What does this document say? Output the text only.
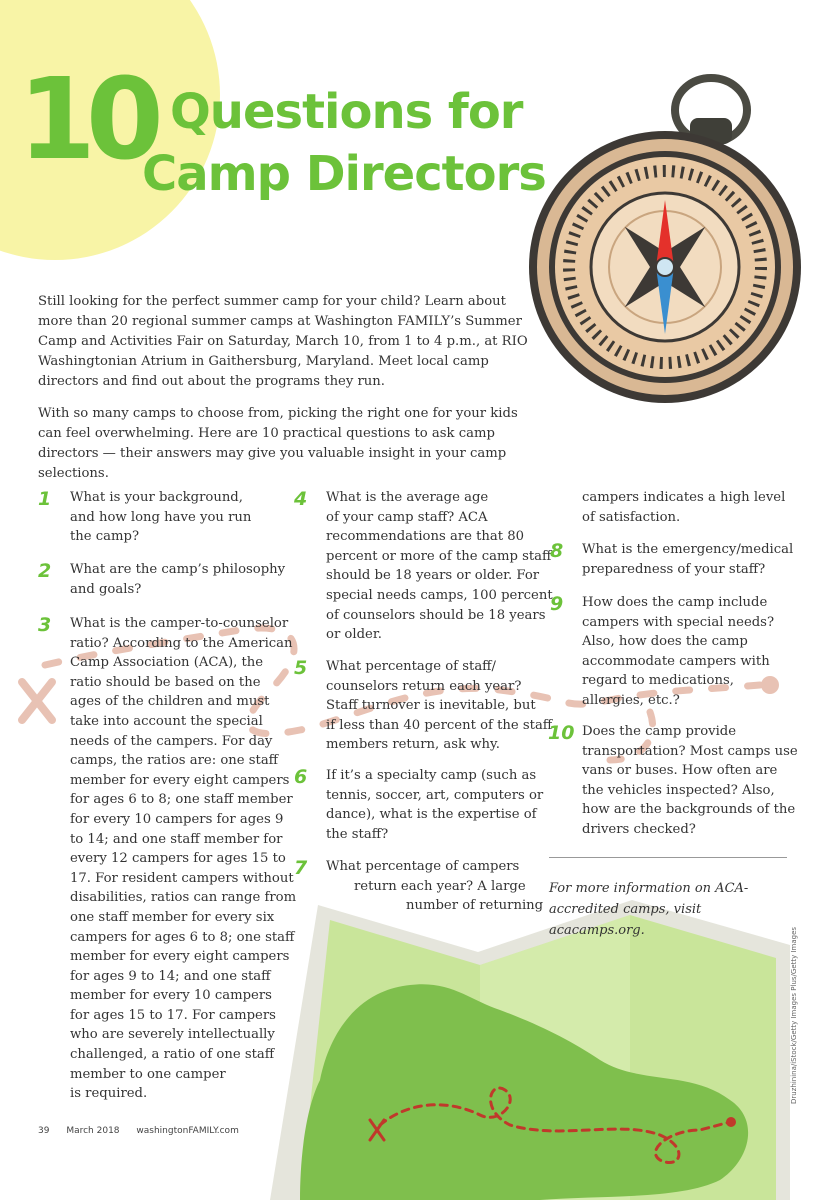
10 Questions for
Camp Directors

Still looking for the perfect summer camp for your child? Learn about more than 20 regional summer camps at Washington FAMILY’s Summer Camp and Activities Fair on Saturday, March 10, from 1 to 4 p.m., at RIO Washingtonian Atrium in Gaithersburg, Maryland. Meet local camp directors and find out about the programs they run.

With so many camps to choose from, picking the right one for your kids can feel overwhelming. Here are 10 practical questions to ask camp directors — their answers may give you valuable insight in your camp selections.

1 What is your background,
and how long have you run
the camp?
2 What are the camp’s philosophy
and goals?
3 What is the camper-to-counselor
ratio? According to the American
Camp Association (ACA), the
ratio should be based on the
ages of the children and must
take into account the special
needs of the campers. For day
camps, the ratios are: one staff
member for every eight campers
for ages 6 to 8; one staff member
for every 10 campers for ages 9
to 14; and one staff member for
every 12 campers for ages 15 to
17. For resident campers without
disabilities, ratios can range from
one staff member for every six
campers for ages 6 to 8; one staff
member for every eight campers
for ages 9 to 14; and one staff
member for every 10 campers
for ages 15 to 17. For campers
who are severely intellectually
challenged, a ratio of one staff
member to one camper
is required.
4 What is the average age
of your camp staff? ACA
recommendations are that 80
percent or more of the camp staff
should be 18 years or older. For
special needs camps, 100 percent
of counselors should be 18 years
or older.
5 What percentage of staff/
counselors return each year?
Staff turnover is inevitable, but
if less than 40 percent of the staff
members return, ask why.
6 If it’s a specialty camp (such as
tennis, soccer, art, computers or
dance), what is the expertise of
the staff?
7 What percentage of campers
return each year? A large
number of returning
campers indicates a high level
of satisfaction.
8 What is the emergency/medical
preparedness of your staff?
9 How does the camp include
campers with special needs?
Also, how does the camp
accommodate campers with
regard to medications,
allergies, etc.?
10 Does the camp provide
transportation? Most camps use
vans or buses. How often are
the vehicles inspected? Also,
how are the backgrounds of the
drivers checked?
For more information on ACA-accredited camps, visit acacamps.org.
39 March 2018 washingtonFAMILY.com
Druzhinina/iStock/Getty Images Plus/Getty Images
